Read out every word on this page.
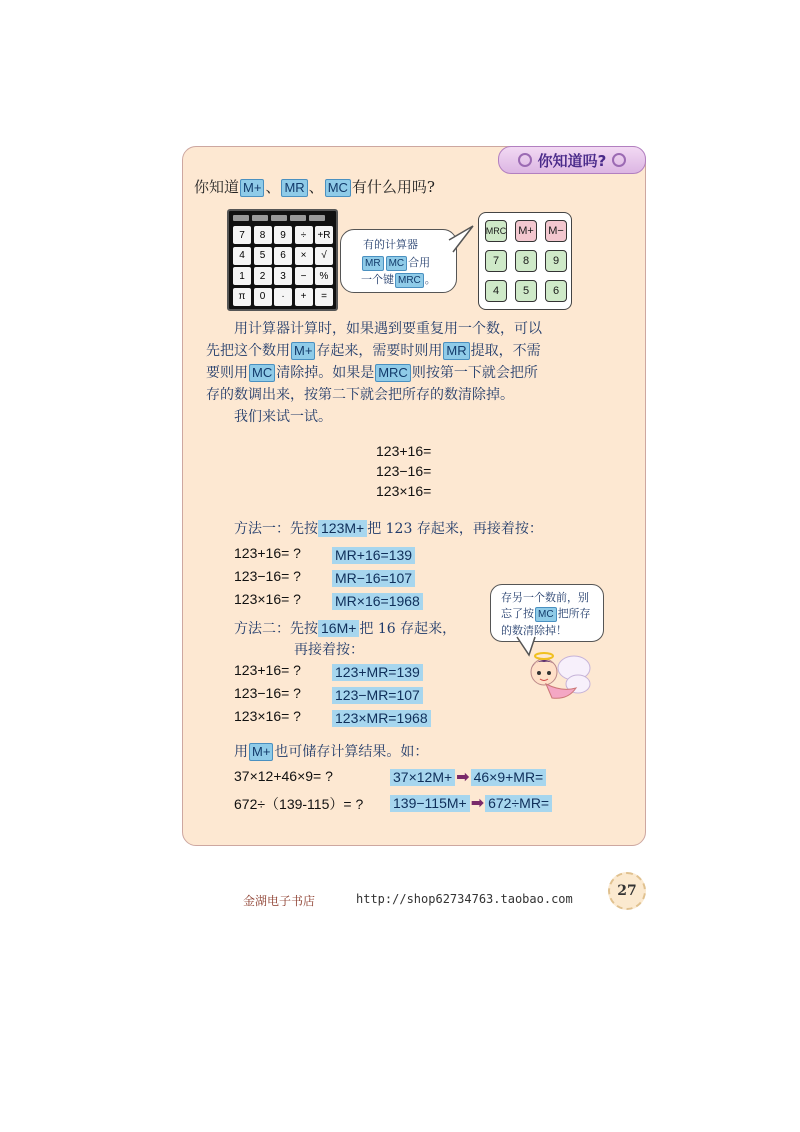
你知道吗?
你知道 M+ 、 MR 、 MC 有什么用吗?
7	8	9	÷	+R
4	5	6	×	√
1	2	3	−	%
π	0	·	+	=
有的计算器
MR MC 合用
一个键 MRC 。
MRC M+ M−
7	8	9
4	5	6
用计算器计算时，如果遇到要重复用一个数，可以
先把这个数用 M+ 存起来，需要时则用 MR 提取，不需
要则用 MC 清除掉。如果是 MRC 则按第一下就会把所
存的数调出来，按第二下就会把所存的数清除掉。
我们来试一试。
123+16=
123−16=
123×16=
方法一：先按 123M+ 把 123 存起来，再接着按：
123+16= ? MR+16=139
123−16= ? MR−16=107
123×16= ? MR×16=1968	存另一个数前，别
忘了按 MC 把所存
的数清除掉！
方法二：先按 16M+ 把 16 存起来，
再接着按：
123+16= ? 123+MR=139
123−16= ? 123−MR=107
123×16= ? 123×MR=1968
用 M+ 也可储存计算结果。如：
37×12+46×9= ?	37×12M+ ➡ 46×9+MR=
672÷（139-115）= ? 139−115M+ ➡ 672÷MR=
27
金湖电子书店	http://shop62734763.taobao.com
